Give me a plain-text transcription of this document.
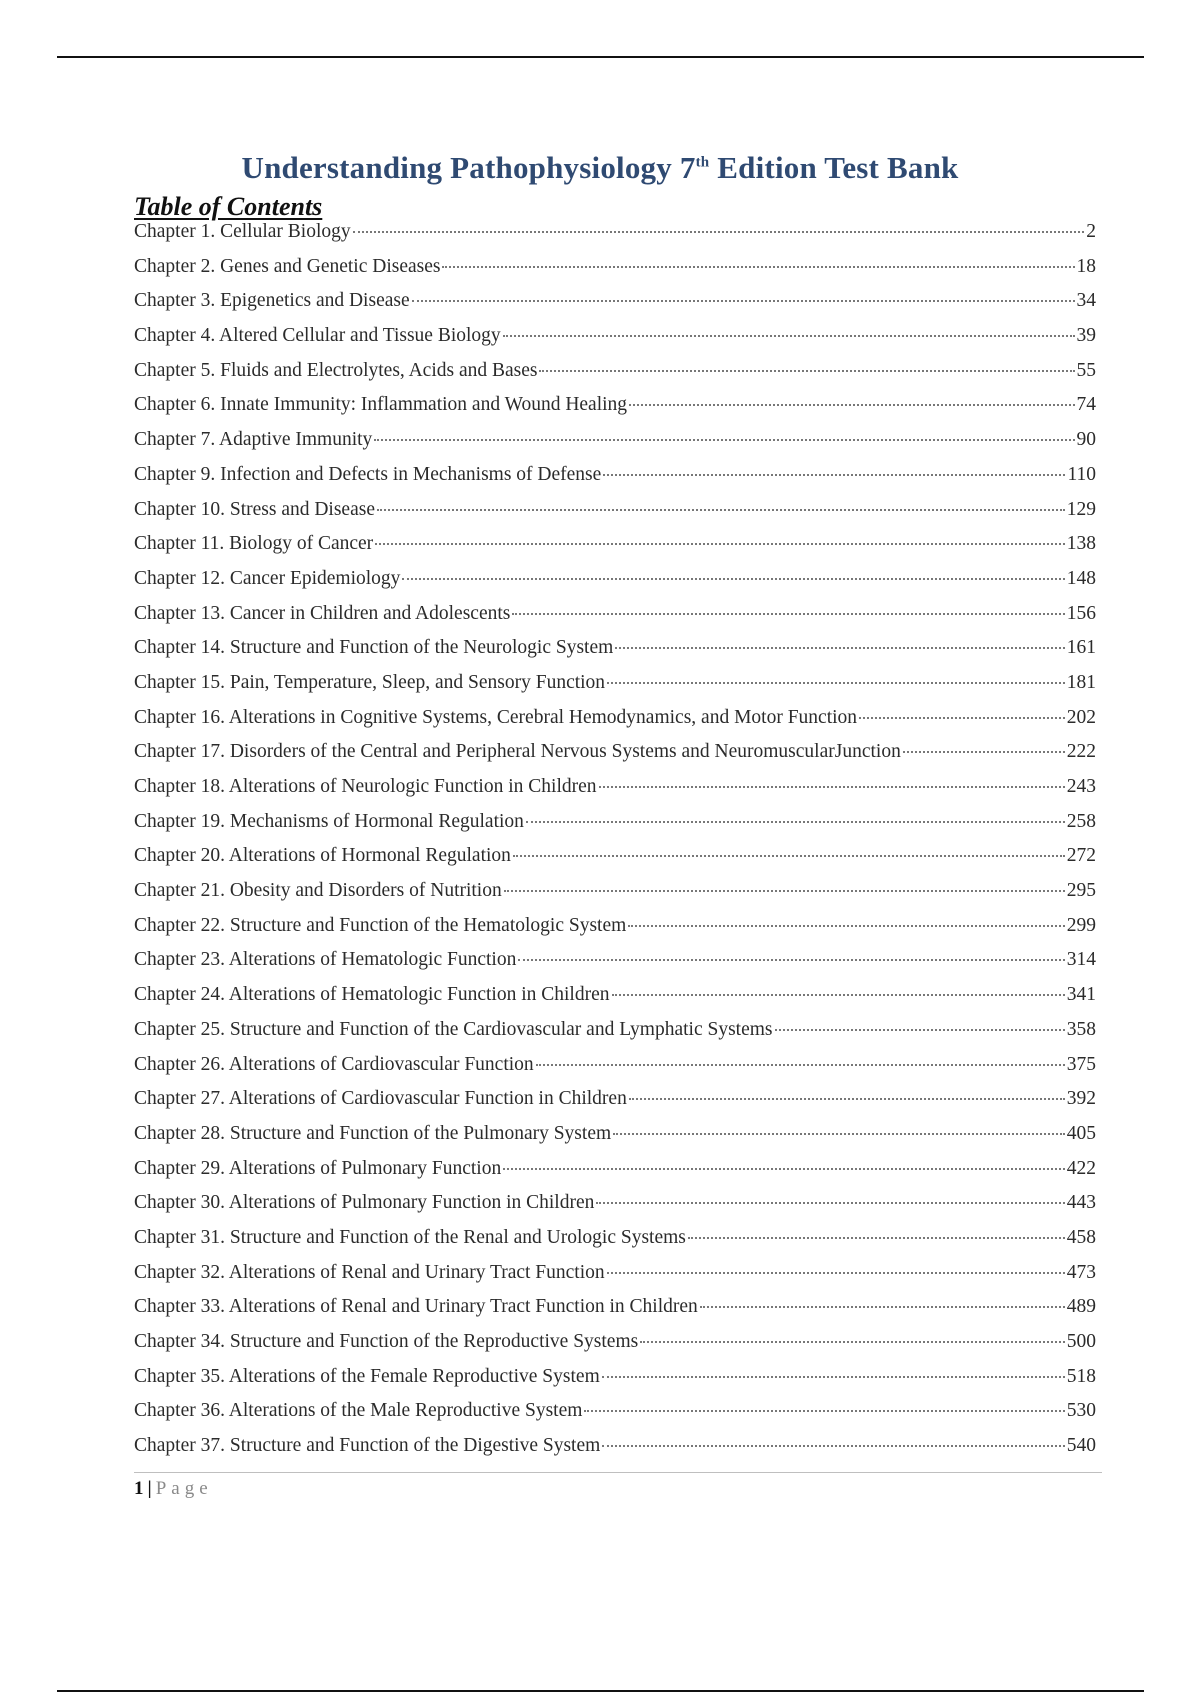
Understanding Pathophysiology 7th Edition Test Bank
Table of Contents
Chapter 1. Cellular Biology	2
Chapter 2. Genes and Genetic Diseases	18
Chapter 3. Epigenetics and Disease	34
Chapter 4. Altered Cellular and Tissue Biology	39
Chapter 5. Fluids and Electrolytes, Acids and Bases	55
Chapter 6. Innate Immunity: Inflammation and Wound Healing	74
Chapter 7. Adaptive Immunity	90
Chapter 9. Infection and Defects in Mechanisms of Defense	110
Chapter 10. Stress and Disease	129
Chapter 11. Biology of Cancer	138
Chapter 12. Cancer Epidemiology	148
Chapter 13. Cancer in Children and Adolescents	156
Chapter 14. Structure and Function of the Neurologic System	161
Chapter 15. Pain, Temperature, Sleep, and Sensory Function	181
Chapter 16. Alterations in Cognitive Systems, Cerebral Hemodynamics, and Motor Function	202
Chapter 17. Disorders of the Central and Peripheral Nervous Systems and NeuromuscularJunction	222
Chapter 18. Alterations of Neurologic Function in Children	243
Chapter 19. Mechanisms of Hormonal Regulation	258
Chapter 20. Alterations of Hormonal Regulation	272
Chapter 21. Obesity and Disorders of Nutrition	295
Chapter 22. Structure and Function of the Hematologic System	299
Chapter 23. Alterations of Hematologic Function	314
Chapter 24. Alterations of Hematologic Function in Children	341
Chapter 25. Structure and Function of the Cardiovascular and Lymphatic Systems	358
Chapter 26. Alterations of Cardiovascular Function	375
Chapter 27. Alterations of Cardiovascular Function in Children	392
Chapter 28. Structure and Function of the Pulmonary System	405
Chapter 29. Alterations of Pulmonary Function	422
Chapter 30. Alterations of Pulmonary Function in Children	443
Chapter 31. Structure and Function of the Renal and Urologic Systems	458
Chapter 32. Alterations of Renal and Urinary Tract Function	473
Chapter 33. Alterations of Renal and Urinary Tract Function in Children	489
Chapter 34. Structure and Function of the Reproductive Systems	500
Chapter 35. Alterations of the Female Reproductive System	518
Chapter 36. Alterations of the Male Reproductive System	530
Chapter 37. Structure and Function of the Digestive System	540
1 | Page
